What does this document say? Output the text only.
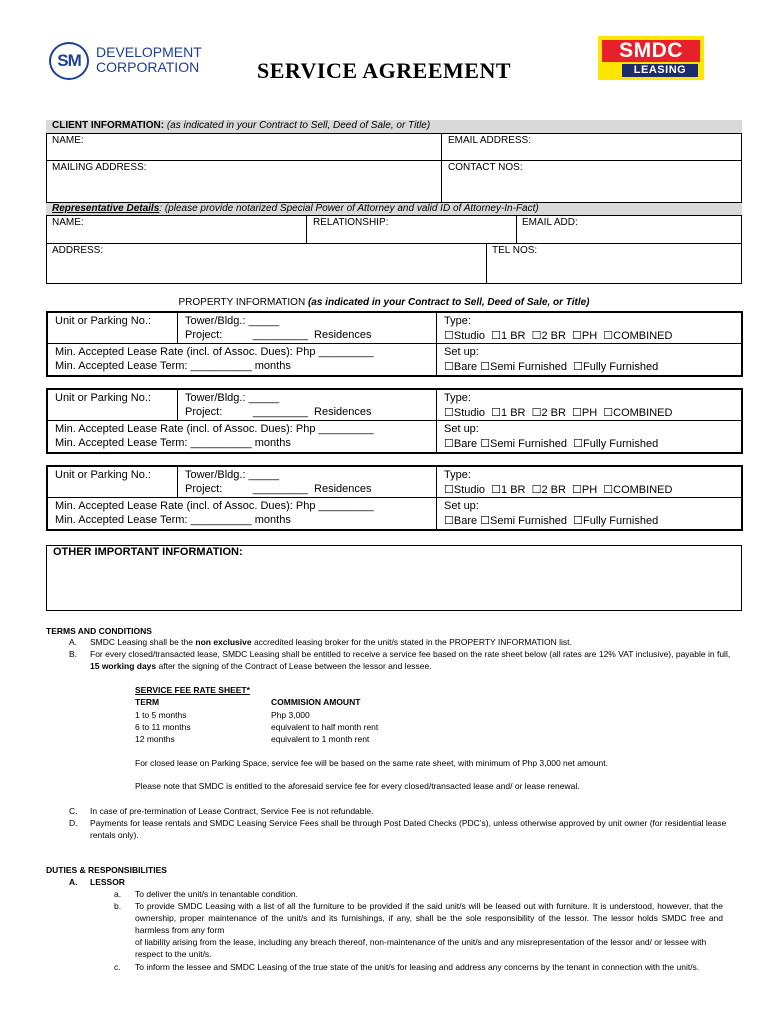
SM DEVELOPMENT
CORPORATION	SERVICE AGREEMENT
SMDC
LEASING
CLIENT INFORMATION: (as indicated in your Contract to Sell, Deed of Sale, or Title)
NAME:	EMAIL ADDRESS:
MAILING ADDRESS:	CONTACT NOS:
Representative Details: (please provide notarized Special Power of Attorney and valid ID of Attorney-In-Fact)
NAME:	RELATIONSHIP:	EMAIL ADD:
ADDRESS:	TEL NOS:
PROPERTY INFORMATION (as indicated in your Contract to Sell, Deed of Sale, or Title)
Unit or Parking No.:	Tower/Bldg.: _____
Project:          _________  Residences
Min. Accepted Lease Rate (incl. of Assoc. Dues): Php _________
Min. Accepted Lease Term: __________ months
Type:
☐Studio  ☐1 BR  ☐2 BR  ☐PH  ☐COMBINED
Set up:
☐Bare ☐Semi Furnished  ☐Fully Furnished
Unit or Parking No.:	Tower/Bldg.: _____
Project:          _________  Residences
Min. Accepted Lease Rate (incl. of Assoc. Dues): Php _________
Min. Accepted Lease Term: __________ months
Type:
☐Studio  ☐1 BR  ☐2 BR  ☐PH  ☐COMBINED
Set up:
☐Bare ☐Semi Furnished  ☐Fully Furnished
Unit or Parking No.:	Tower/Bldg.: _____
Project:          _________  Residences
Min. Accepted Lease Rate (incl. of Assoc. Dues): Php _________
Min. Accepted Lease Term: __________ months
Type:
☐Studio  ☐1 BR  ☐2 BR  ☐PH  ☐COMBINED
Set up:
☐Bare ☐Semi Furnished  ☐Fully Furnished
OTHER IMPORTANT INFORMATION:
TERMS AND CONDITIONS
A. SMDC Leasing shall be the non exclusive accredited leasing broker for the unit/s stated in the PROPERTY INFORMATION list.
B. For every closed/transacted lease, SMDC Leasing shall be entitled to receive a service fee based on the rate sheet below (all rates are 12% VAT inclusive), payable in full, 15 working days after the signing of the Contract of Lease between the lessor and lessee.
SERVICE FEE RATE SHEET*
TERM	COMMISION AMOUNT
1 to 5 months	Php 3,000
6 to 11 months	equivalent to half month rent
12 months	equivalent to 1 month rent
For closed lease on Parking Space, service fee will be based on the same rate sheet, with minimum of Php 3,000 net amount.
Please note that SMDC is entitled to the aforesaid service fee for every closed/transacted lease and/ or lease renewal.
C. In case of pre-termination of Lease Contract, Service Fee is not refundable.
D. Payments for lease rentals and SMDC Leasing Service Fees shall be through Post Dated Checks (PDC’s), unless otherwise approved by unit owner (for residential lease rentals only).
DUTIES & RESPONSIBILITIES
A. LESSOR
a. To deliver the unit/s in tenantable condition.
b. To provide SMDC Leasing with a list of all the furniture to be provided if the said unit/s will be leased out with furniture. It is understood, however, that the ownership, proper maintenance of the unit/s and its furnishings, if any, shall be the sole responsibility of the lessor. The lessor holds SMDC free and harmless from any form
of liability arising from the lease, including any breach thereof, non-maintenance of the unit/s and any misrepresentation of the lessor and/ or lessee with respect to the unit/s.
c. To inform the lessee and SMDC Leasing of the true state of the unit/s for leasing and address any concerns by the tenant in connection with the unit/s.
